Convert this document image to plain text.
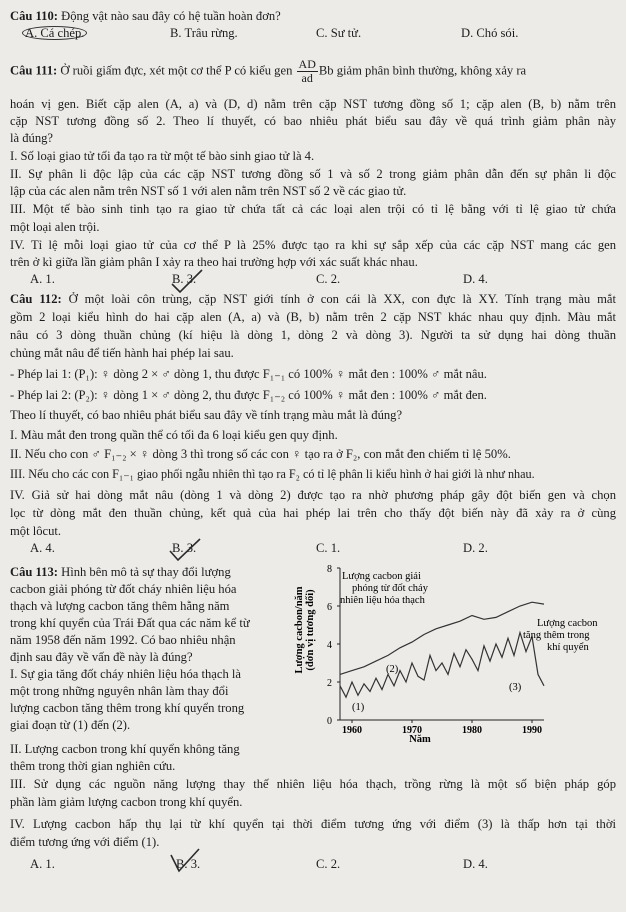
Câu 110: Động vật nào sau đây có hệ tuần hoàn đơn?
A. Cá chép.	B. Trâu rừng.	C. Sư tử.	D. Chó sói.
Câu 111: Ở ruồi giấm đực, xét một cơ thể P có kiểu gen $\frac{AD}{ad}$ Bb giảm phân bình thường, không xảy ra
hoán vị gen. Biết cặp alen (A, a) và (D, d) nằm trên cặp NST tương đồng số 1; cặp alen (B, b) nằm trên
cặp NST tương đồng số 2. Theo lí thuyết, có bao nhiêu phát biểu sau đây về quá trình giảm phân này
là đúng?
I. Số loại giao tử tối đa tạo ra từ một tế bào sinh giao tử là 4.
II. Sự phân li độc lập của các cặp NST tương đồng số 1 và số 2 trong giảm phân dẫn đến sự phân li độc
lập của các alen nằm trên NST số 1 với alen nằm trên NST số 2 về các giao tử.
III. Một tế bào sinh tinh tạo ra giao tử chứa tất cả các loại alen trội có tỉ lệ bằng với tỉ lệ giao tử chứa
một loại alen trội.
IV. Tỉ lệ mỗi loại giao tử của cơ thể P là 25% được tạo ra khi sự sắp xếp của các cặp NST mang các gen
trên ở kì giữa lần giảm phân I xảy ra theo hai trường hợp với xác suất khác nhau.
A. 1.	B. 3.	C. 2.	D. 4.
Câu 112: Ở một loài côn trùng, cặp NST giới tính ở con cái là XX, con đực là XY. Tính trạng màu mắt
gồm 2 loại kiểu hình do hai cặp alen (A, a) và (B, b) nằm trên 2 cặp NST khác nhau quy định. Màu mắt
nâu có 3 dòng thuần chủng (kí hiệu là dòng 1, dòng 2 và dòng 3). Người ta sử dụng hai dòng thuần
chủng mắt nâu để tiến hành hai phép lai sau.
- Phép lai 1: (P₁): ♀ dòng 2 × ♂ dòng 1, thu được F₁₋₁ có 100% ♀ mắt đen : 100% ♂ mắt nâu.
- Phép lai 2: (P₂): ♀ dòng 1 × ♂ dòng 2, thu được F₁₋₂ có 100% ♀ mắt đen : 100% ♂ mắt đen.
Theo lí thuyết, có bao nhiêu phát biểu sau đây về tính trạng màu mắt là đúng?
I. Màu mắt đen trong quần thể có tối đa 6 loại kiểu gen quy định.
II. Nếu cho con ♂ F₁₋₂ × ♀ dòng 3 thì trong số các con ♀ tạo ra ở F₂, con mắt đen chiếm tỉ lệ 50%.
III. Nếu cho các con F₁₋₁ giao phối ngẫu nhiên thì tạo ra F₂ có tỉ lệ phân li kiểu hình ở hai giới là như nhau.
IV. Giả sử hai dòng mắt nâu (dòng 1 và dòng 2) được tạo ra nhờ phương pháp gây đột biến gen và chọn
lọc từ dòng mắt đen thuần chủng, kết quả của hai phép lai trên cho thấy đột biến này đã xảy ra ở cùng
một lôcut.
A. 4.	B. 3.	C. 1.	D. 2.
Câu 113: Hình bên mô tả sự thay đổi lượng
cacbon giải phóng từ đốt cháy nhiên liệu hóa
thạch và lượng cacbon tăng thêm hằng năm
trong khí quyển của Trái Đất qua các năm kể từ
năm 1958 đến năm 1992. Có bao nhiêu nhận
định sau đây về vấn đề này là đúng?
I. Sự gia tăng đốt cháy nhiên liệu hóa thạch là
một trong những nguyên nhân làm thay đổi
lượng cacbon tăng thêm trong khí quyển trong
giai đoạn từ (1) đến (2).
II. Lượng cacbon trong khí quyển không tăng
thêm trong thời gian nghiên cứu.
III. Sử dụng các nguồn năng lượng thay thế nhiên liệu hóa thạch, trồng rừng là một số biện pháp góp
phần làm giảm lượng cacbon trong khí quyển.
IV. Lượng cacbon hấp thụ lại từ khí quyển tại thời điểm tương ứng với điểm (3) là thấp hơn tại thời
điểm tương ứng với điểm (1).
A. 1.	B. 3.	C. 2.	D. 4.
0
2
4
6
8
1960	1970	1980	1990
Lượng cacbon/năm (đơn vị tương đối)
Năm
Lượng cacbon giải
phóng từ đốt cháy
nhiên liệu hóa thạch
Lượng cacbon
tăng thêm trong
khí quyển
(1)
(2)
(3)
